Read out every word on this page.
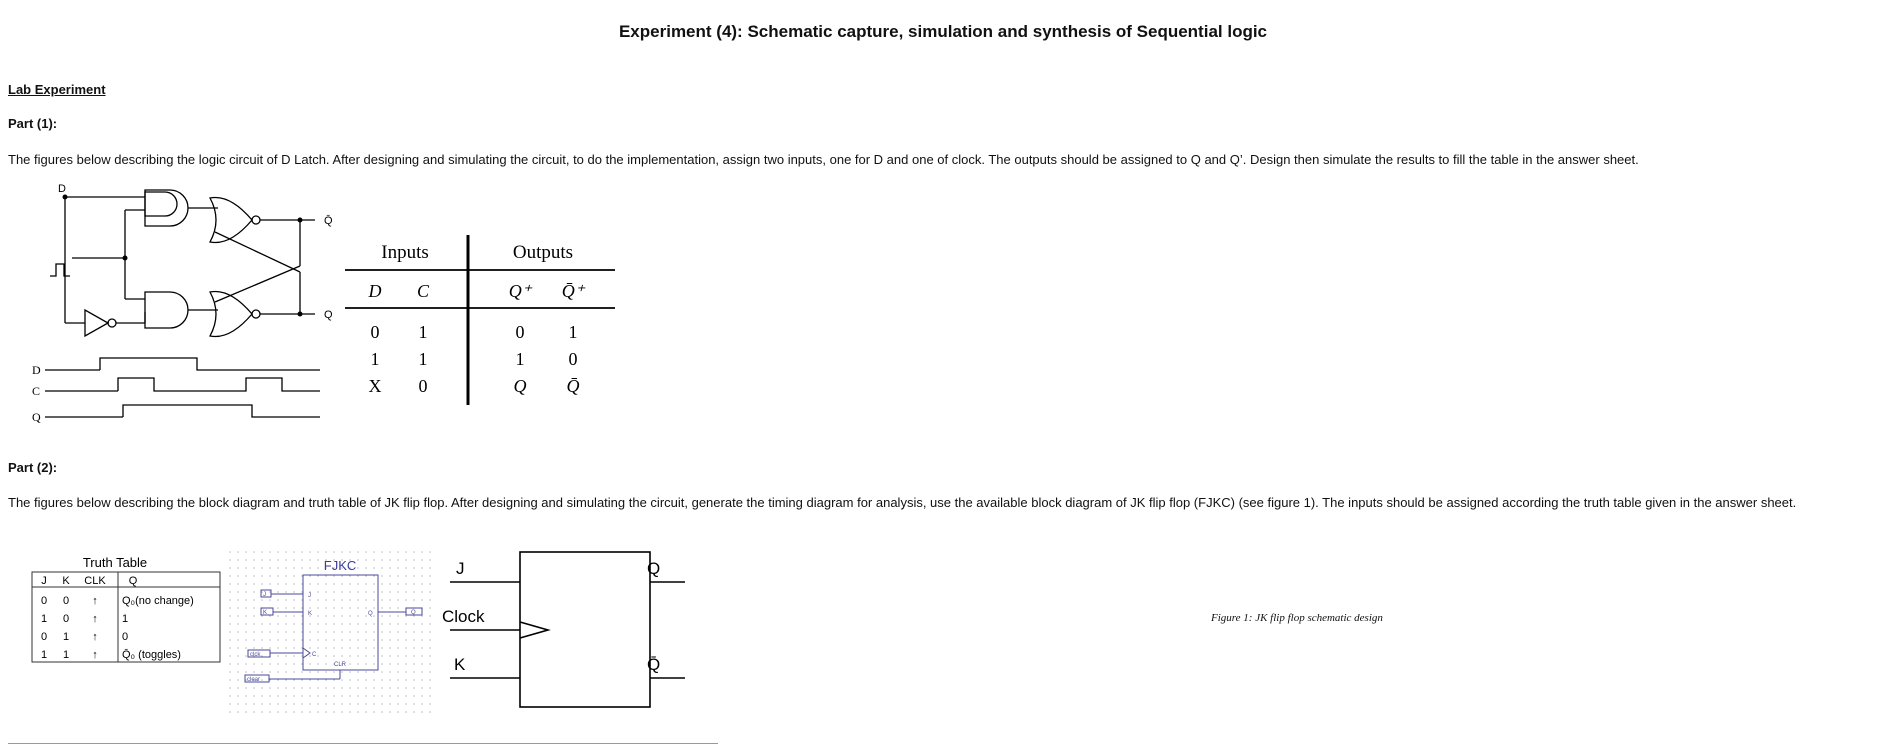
Experiment (4): Schematic capture, simulation and synthesis of Sequential logic
Lab Experiment
Part (1):
The figures below describing the logic circuit of D Latch. After designing and simulating the circuit, to do the implementation, assign two inputs, one for D and one of clock. The outputs should be assigned to Q and Q’. Design then simulate the results to fill the table in the answer sheet.
D
Q̄
Q
D
C
Q
Inputs	Outputs
D C	Q⁺ Q̄⁺
0 1	0 1
1 1	1 0
X 0	Q Q̄
Part (2):
The figures below describing the block diagram and truth table of JK flip flop. After designing and simulating the circuit, generate the timing diagram for analysis, use the available block diagram of JK flip flop (FJKC) (see figure 1). The inputs should be assigned according the truth table given in the answer sheet.
Truth Table
J K CLK Q
0 0 ↑ Q₀(no change)
1 0 ↑ 1
0 1 ↑ 0
1 1 ↑ Q̄₀ (toggles)
J
K
C
Q
CLR
J
K
clck
clear
Q
FJKC	J
Clock
K
Q
Q̄
Figure 1: JK flip flop schematic design
